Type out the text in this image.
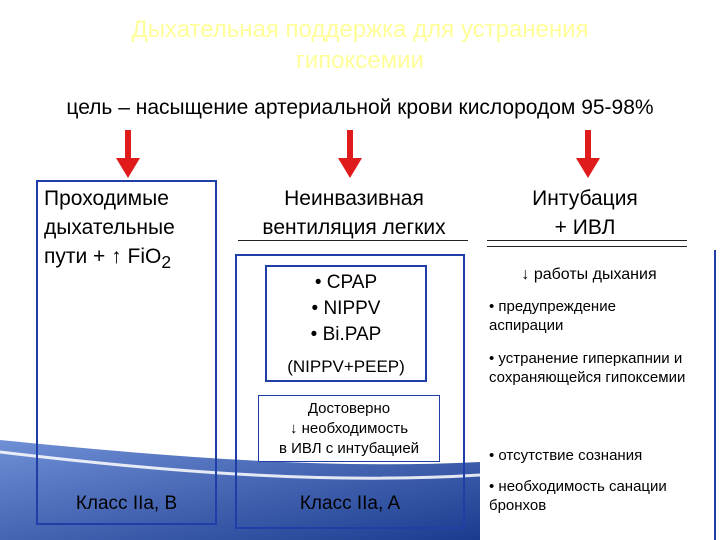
Дыхательная поддержка для устранения
гипоксемии
цель – насыщение артериальной крови кислородом 95-98%
Проходимые
дыхательные
пути + ↑ FiO$_2$
Класс IIa, B
Неинвазивная
вентиляция легких
• CPAP
• NIPPV
• Bi.PAP
(NIPPV+PEEP)
Достоверно
↓ необходимость
в ИВЛ с интубацией
Класс IIa, A
Интубация
+ ИВЛ
↓ работы дыхания
• предупреждение аспирации
• устранение гиперкапнии и сохраняющейся гипоксемии
• отсутствие сознания
• необходимость санации бронхов
